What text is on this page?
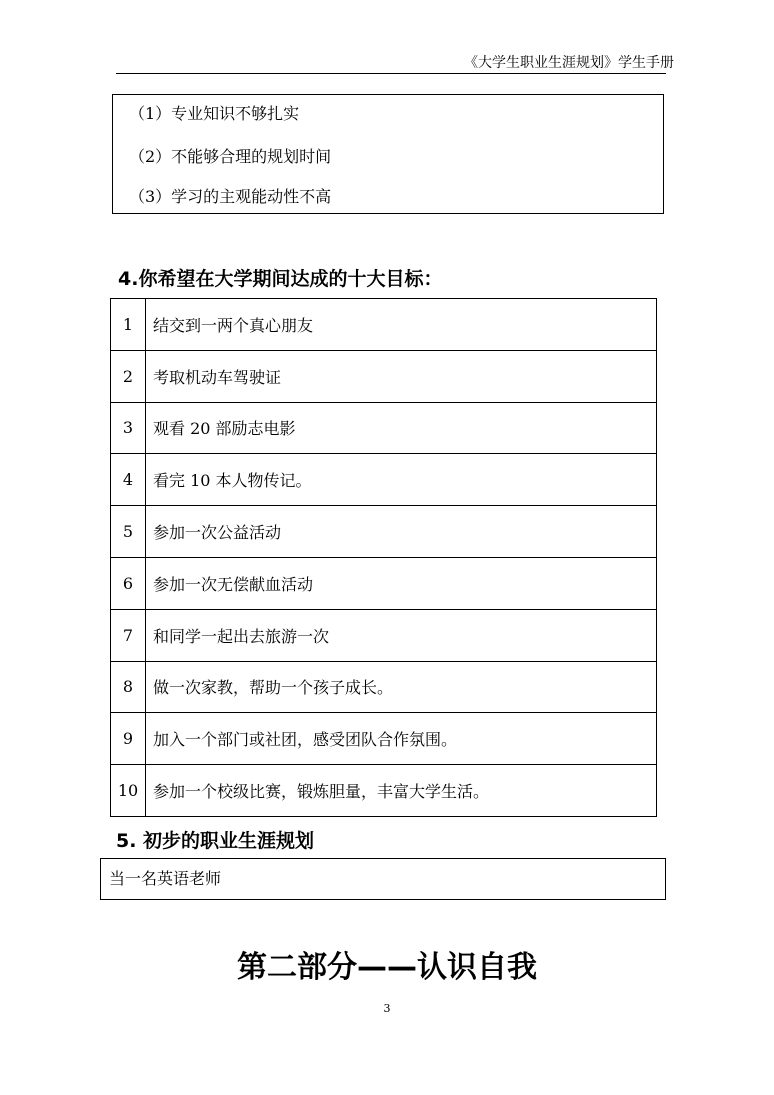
《大学生职业生涯规划》学生手册
（1）专业知识不够扎实
（2）不能够合理的规划时间
（3）学习的主观能动性不高
4.你希望在大学期间达成的十大目标：
1	结交到一两个真心朋友
2	考取机动车驾驶证
3	观看 20 部励志电影
4	看完 10 本人物传记。
5	参加一次公益活动
6	参加一次无偿献血活动
7	和同学一起出去旅游一次
8	做一次家教，帮助一个孩子成长。
9	加入一个部门或社团，感受团队合作氛围。
10	参加一个校级比赛，锻炼胆量，丰富大学生活。
5. 初步的职业生涯规划
当一名英语老师
第二部分——认识自我
3
